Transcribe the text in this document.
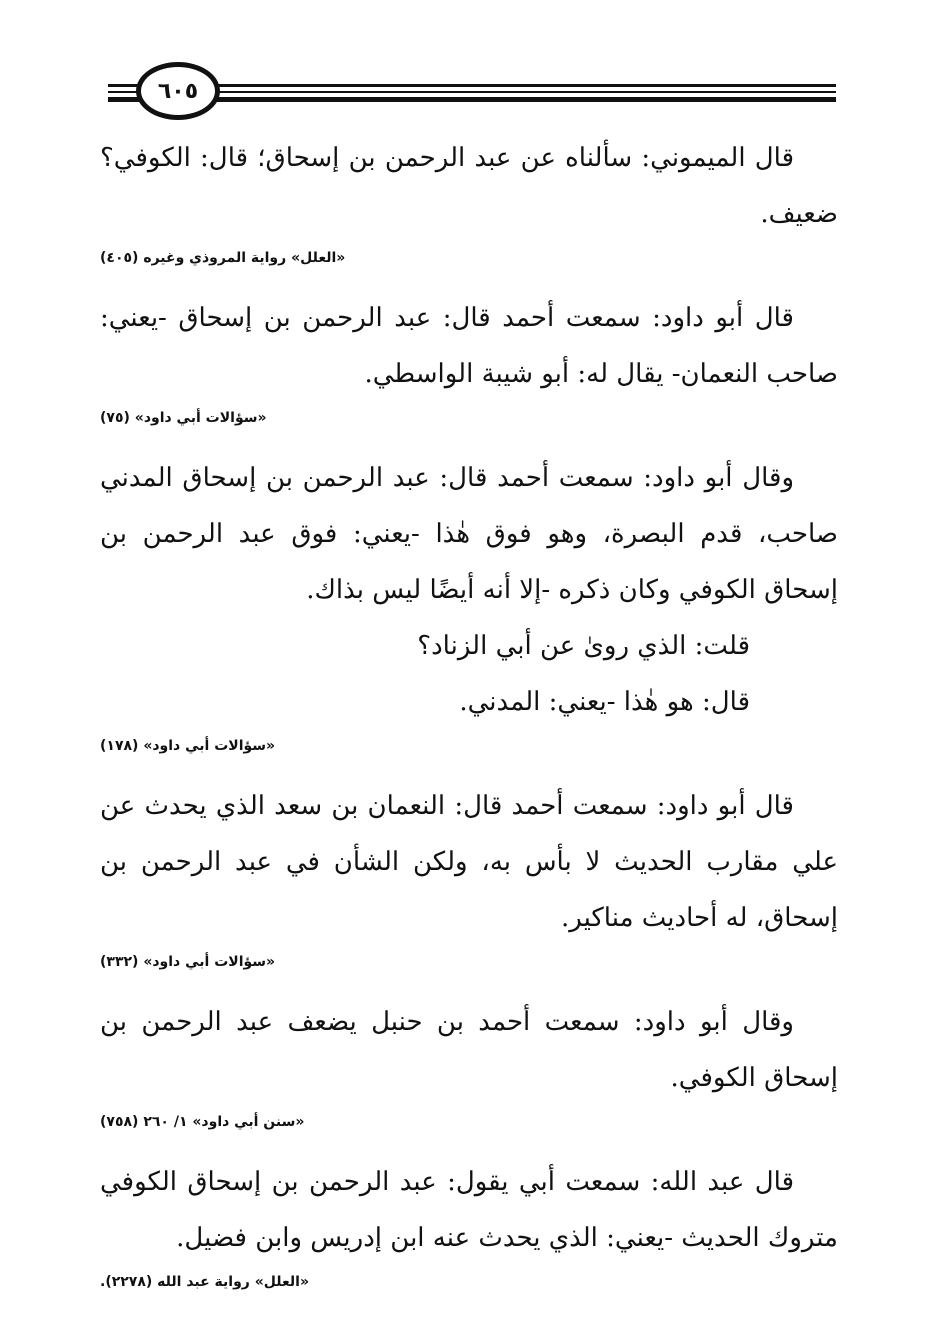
٦٠٥

قال الميموني: سألناه عن عبد الرحمن بن إسحاق؛ قال: الكوفي؟ ضعيف.

«العلل» رواية المروذي وغيره (٤٠٥)

قال أبو داود: سمعت أحمد قال: عبد الرحمن بن إسحاق -يعني: صاحب النعمان- يقال له: أبو شيبة الواسطي.

«سؤالات أبي داود» (٧٥)

وقال أبو داود: سمعت أحمد قال: عبد الرحمن بن إسحاق المدني صاحب، قدم البصرة، وهو فوق هٰذا -يعني: فوق عبد الرحمن بن إسحاق الكوفي وكان ذكره -إلا أنه أيضًا ليس بذاك.

قلت: الذي روىٰ عن أبي الزناد؟

قال: هو هٰذا -يعني: المدني.

«سؤالات أبي داود» (١٧٨)

قال أبو داود: سمعت أحمد قال: النعمان بن سعد الذي يحدث عن علي مقارب الحديث لا بأس به، ولكن الشأن في عبد الرحمن بن إسحاق، له أحاديث مناكير.

«سؤالات أبي داود» (٣٣٢)

وقال أبو داود: سمعت أحمد بن حنبل يضعف عبد الرحمن بن إسحاق الكوفي.

«سنن أبي داود» ١/ ٢٦٠ (٧٥٨)

قال عبد الله: سمعت أبي يقول: عبد الرحمن بن إسحاق الكوفي متروك الحديث -يعني: الذي يحدث عنه ابن إدريس وابن فضيل.

«العلل» رواية عبد الله (٢٢٧٨).
